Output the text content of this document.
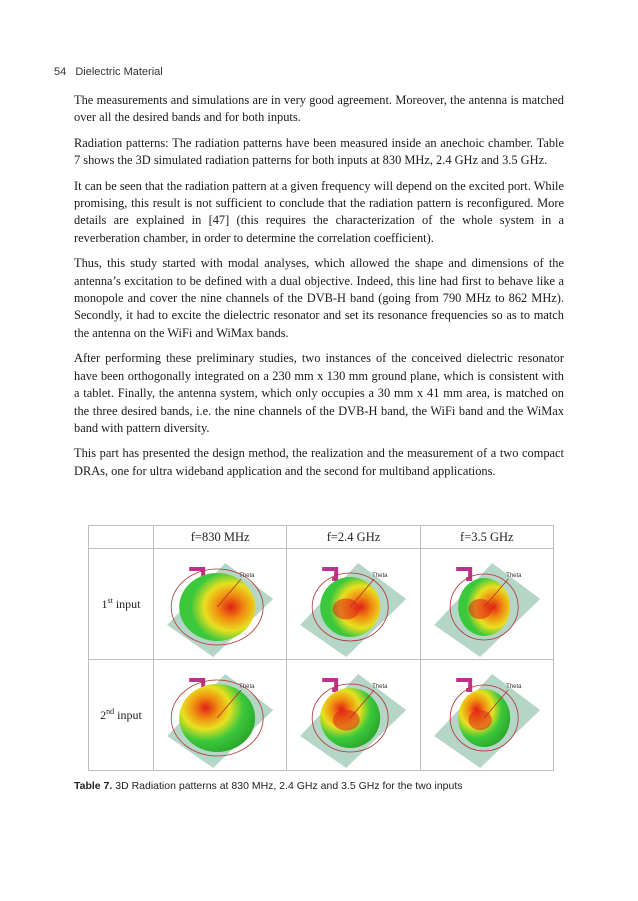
54 Dielectric Material

The measurements and simulations are in very good agreement. Moreover, the antenna is matched over all the desired bands and for both inputs.

Radiation patterns: The radiation patterns have been measured inside an anechoic chamber. Table 7 shows the 3D simulated radiation patterns for both inputs at 830 MHz, 2.4 GHz and 3.5 GHz.

It can be seen that the radiation pattern at a given frequency will depend on the excited port. While promising, this result is not sufficient to conclude that the radiation pattern is reconfigured. More details are explained in [47] (this requires the characterization of the whole system in a reverberation chamber, in order to determine the correlation coefficient).

Thus, this study started with modal analyses, which allowed the shape and dimensions of the antenna’s excitation to be defined with a dual objective. Indeed, this line had first to behave like a monopole and cover the nine channels of the DVB-H band (going from 790 MHz to 862 MHz). Secondly, it had to excite the dielectric resonator and set its resonance frequencies so as to match the antenna on the WiFi and WiMax bands.

After performing these preliminary studies, two instances of the conceived dielectric resonator have been orthogonally integrated on a 230 mm x 130 mm ground plane, which is consistent with a tablet. Finally, the antenna system, which only occupies a 30 mm x 41 mm area, is matched on the three desired bands, i.e. the nine channels of the DVB-H band, the WiFi band and the WiMax band with pattern diversity.

This part has presented the design method, the realization and the measurement of a two compact DRAs, one for ultra wideband application and the second for multiband applications.

	f=830 MHz	f=2.4 GHz	f=3.5 GHz
1st input	Theta	Theta	Theta

2nd input	Theta	Theta	Theta
Table 7. 3D Radiation patterns at 830 MHz, 2.4 GHz and 3.5 GHz for the two inputs
